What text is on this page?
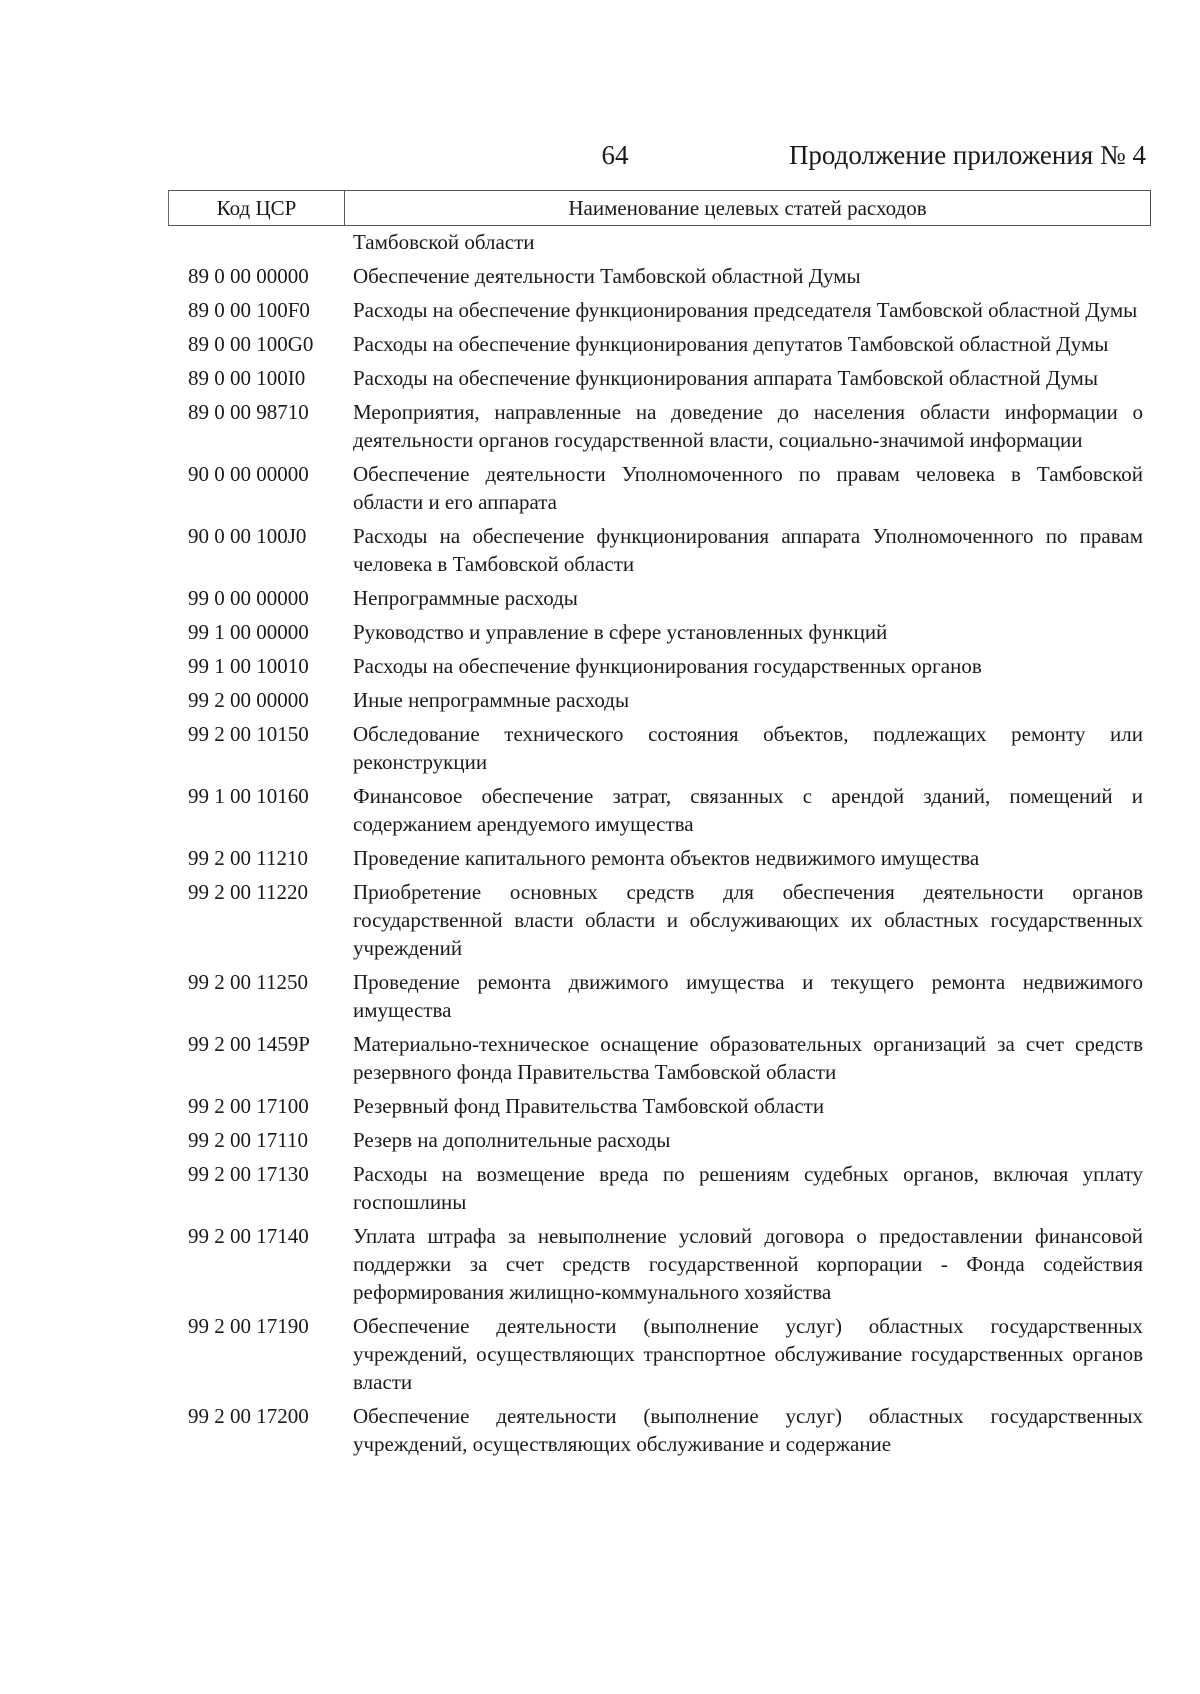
64	Продолжение приложения № 4
Код ЦСР	Наименование целевых статей расходов
Тамбовской области
89 0 00 00000	Обеспечение деятельности Тамбовской областной Думы
89 0 00 100F0	Расходы на обеспечение функционирования председателя Тамбовской областной Думы
89 0 00 100G0	Расходы на обеспечение функционирования депутатов Тамбовской областной Думы
89 0 00 100I0	Расходы на обеспечение функционирования аппарата Тамбовской областной Думы
89 0 00 98710	Мероприятия, направленные на доведение до населения области информации о деятельности органов государственной власти, социально-значимой информации
90 0 00 00000	Обеспечение деятельности Уполномоченного по правам человека в Тамбовской области и его аппарата
90 0 00 100J0	Расходы на обеспечение функционирования аппарата Уполномоченного по правам человека в Тамбовской области
99 0 00 00000	Непрограммные расходы
99 1 00 00000	Руководство и управление в сфере установленных функций
99 1 00 10010	Расходы на обеспечение функционирования государственных органов
99 2 00 00000	Иные непрограммные расходы
99 2 00 10150	Обследование технического состояния объектов, подлежащих ремонту или реконструкции
99 1 00 10160	Финансовое обеспечение затрат, связанных с арендой зданий, помещений и содержанием арендуемого имущества
99 2 00 11210	Проведение капитального ремонта объектов недвижимого имущества
99 2 00 11220	Приобретение основных средств для обеспечения деятельности органов государственной власти области и обслуживающих их областных государственных учреждений
99 2 00 11250	Проведение ремонта движимого имущества и текущего ремонта недвижимого имущества
99 2 00 1459P	Материально-техническое оснащение образовательных организаций за счет средств резервного фонда Правительства Тамбовской области
99 2 00 17100	Резервный фонд Правительства Тамбовской области
99 2 00 17110	Резерв на дополнительные расходы
99 2 00 17130	Расходы на возмещение вреда по решениям судебных органов, включая уплату госпошлины
99 2 00 17140	Уплата штрафа за невыполнение условий договора о предоставлении финансовой поддержки за счет средств государственной корпорации - Фонда содействия реформирования жилищно-коммунального хозяйства
99 2 00 17190	Обеспечение деятельности (выполнение услуг) областных государственных учреждений, осуществляющих транспортное обслуживание государственных органов власти
99 2 00 17200	Обеспечение деятельности (выполнение услуг) областных государственных учреждений, осуществляющих обслуживание и содержание
